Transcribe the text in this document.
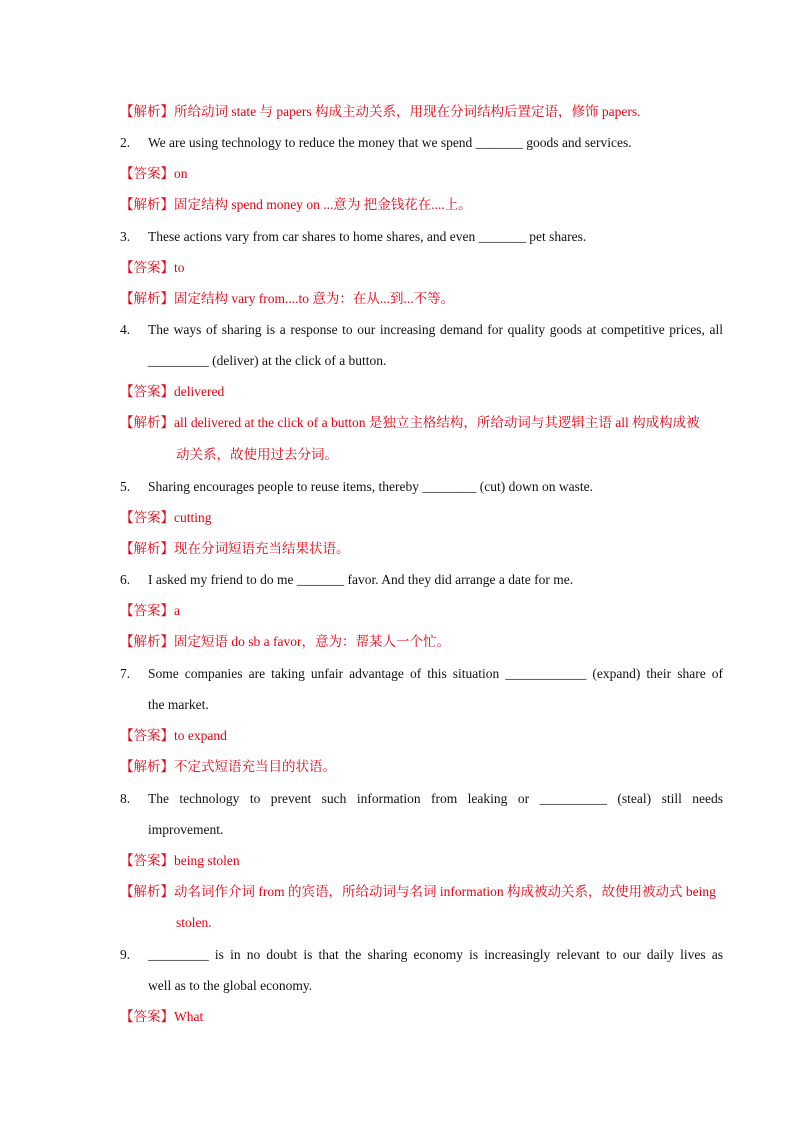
【解析】所给动词 state 与 papers 构成主动关系，用现在分词结构后置定语，修饰 papers.
2. We are using technology to reduce the money that we spend _______ goods and services.
【答案】on
【解析】固定结构 spend money on ...意为 把金钱花在....上。
3. These actions vary from car shares to home shares, and even _______ pet shares.
【答案】to
【解析】固定结构 vary from....to 意为：在从...到...不等。
4. The ways of sharing is a response to our increasing demand for quality goods at competitive prices, all
_________ (deliver) at the click of a button.
【答案】delivered
【解析】all delivered at the click of a button 是独立主格结构，所给动词与其逻辑主语 all 构成构成被
动关系，故使用过去分词。
5. Sharing encourages people to reuse items, thereby ________ (cut) down on waste.
【答案】cutting
【解析】现在分词短语充当结果状语。
6. I asked my friend to do me _______ favor. And they did arrange a date for me.
【答案】a
【解析】固定短语 do sb a favor，意为：帮某人一个忙。
7. Some companies are taking unfair advantage of this situation ____________ (expand) their share of
the market.
【答案】to expand
【解析】不定式短语充当目的状语。
8. The technology to prevent such information from leaking or __________ (steal) still needs
improvement.
【答案】being stolen
【解析】动名词作介词 from 的宾语，所给动词与名词 information 构成被动关系，故使用被动式 being
stolen.
9. _________ is in no doubt is that the sharing economy is increasingly relevant to our daily lives as
well as to the global economy.
【答案】What
